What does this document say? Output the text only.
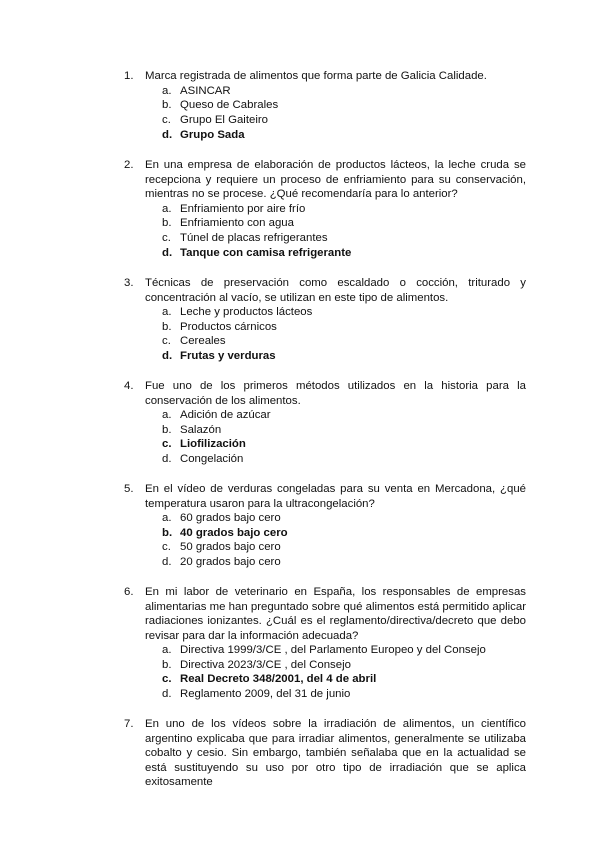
1. Marca registrada de alimentos que forma parte de Galicia Calidade.
a. ASINCAR
b. Queso de Cabrales
c. Grupo El Gaiteiro
d. Grupo Sada
2. En una empresa de elaboración de productos lácteos, la leche cruda se recepciona y requiere un proceso de enfriamiento para su conservación, mientras no se procese. ¿Qué recomendaría para lo anterior?
a. Enfriamiento por aire frío
b. Enfriamiento con agua
c. Túnel de placas refrigerantes
d. Tanque con camisa refrigerante
3. Técnicas de preservación como escaldado o cocción, triturado y concentración al vacío, se utilizan en este tipo de alimentos.
a. Leche y productos lácteos
b. Productos cárnicos
c. Cereales
d. Frutas y verduras
4. Fue uno de los primeros métodos utilizados en la historia para la conservación de los alimentos.
a. Adición de azúcar
b. Salazón
c. Liofilización
d. Congelación
5. En el vídeo de verduras congeladas para su venta en Mercadona, ¿qué temperatura usaron para la ultracongelación?
a. 60 grados bajo cero
b. 40 grados bajo cero
c. 50 grados bajo cero
d. 20 grados bajo cero
6. En mi labor de veterinario en España, los responsables de empresas alimentarias me han preguntado sobre qué alimentos está permitido aplicar radiaciones ionizantes. ¿Cuál es el reglamento/directiva/decreto que debo revisar para dar la información adecuada?
a. Directiva 1999/3/CE , del Parlamento Europeo y del Consejo
b. Directiva 2023/3/CE , del Consejo
c. Real Decreto 348/2001, del 4 de abril
d. Reglamento 2009, del 31 de junio
7. En uno de los vídeos sobre la irradiación de alimentos, un científico argentino explicaba que para irradiar alimentos, generalmente se utilizaba cobalto y cesio. Sin embargo, también señalaba que en la actualidad se está sustituyendo su uso por otro tipo de irradiación que se aplica exitosamente
